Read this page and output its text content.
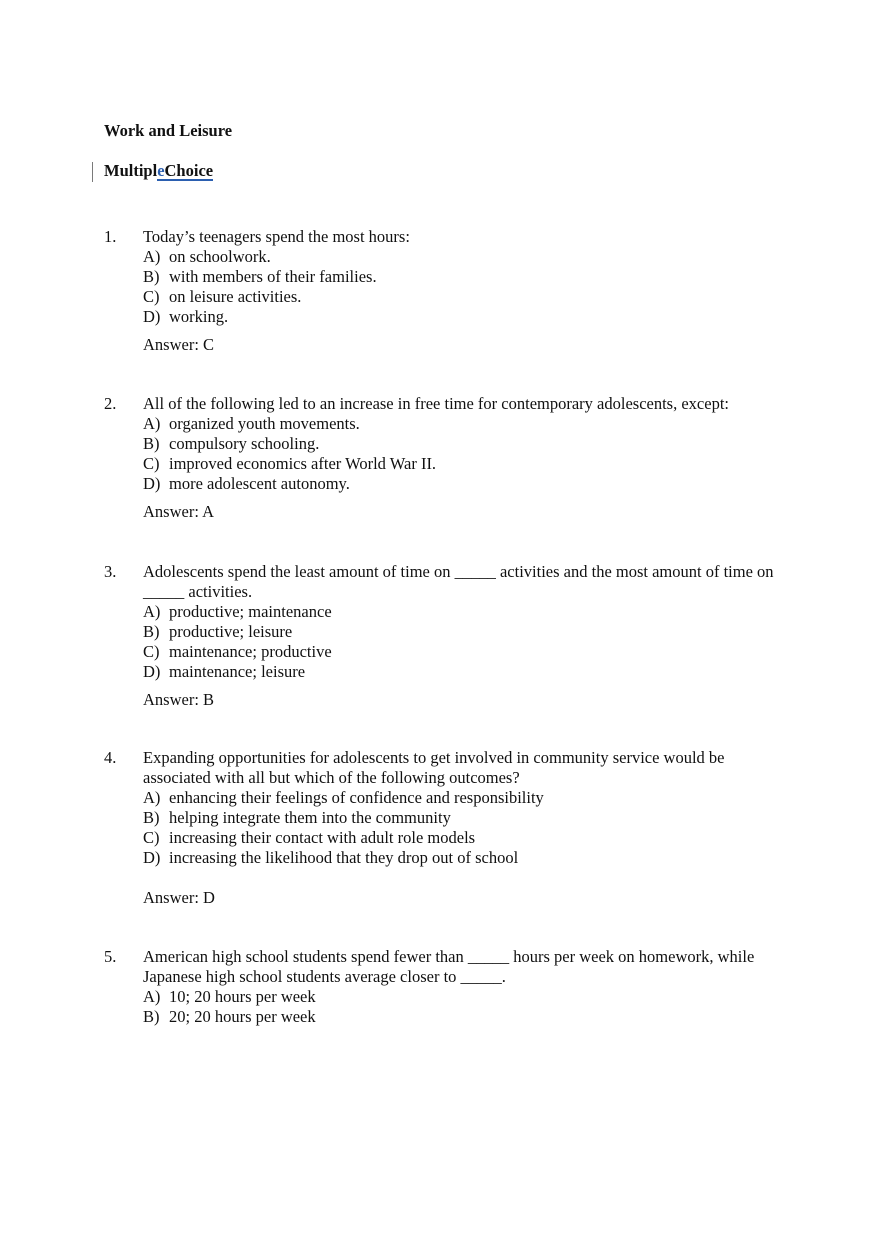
Work and Leisure
MultipleChoice
1. Today’s teenagers spend the most hours:
A) on schoolwork.
B) with members of their families.
C) on leisure activities.
D) working.
Answer: C
2. All of the following led to an increase in free time for contemporary adolescents, except:
A) organized youth movements.
B) compulsory schooling.
C) improved economics after World War II.
D) more adolescent autonomy.
Answer: A
3. Adolescents spend the least amount of time on _____ activities and the most amount of time on _____ activities.
A) productive; maintenance
B) productive; leisure
C) maintenance; productive
D) maintenance; leisure
Answer: B
4. Expanding opportunities for adolescents to get involved in community service would be associated with all but which of the following outcomes?
A) enhancing their feelings of confidence and responsibility
B) helping integrate them into the community
C) increasing their contact with adult role models
D) increasing the likelihood that they drop out of school
Answer: D
5. American high school students spend fewer than _____ hours per week on homework, while Japanese high school students average closer to _____.
A) 10; 20 hours per week
B) 20; 20 hours per week
